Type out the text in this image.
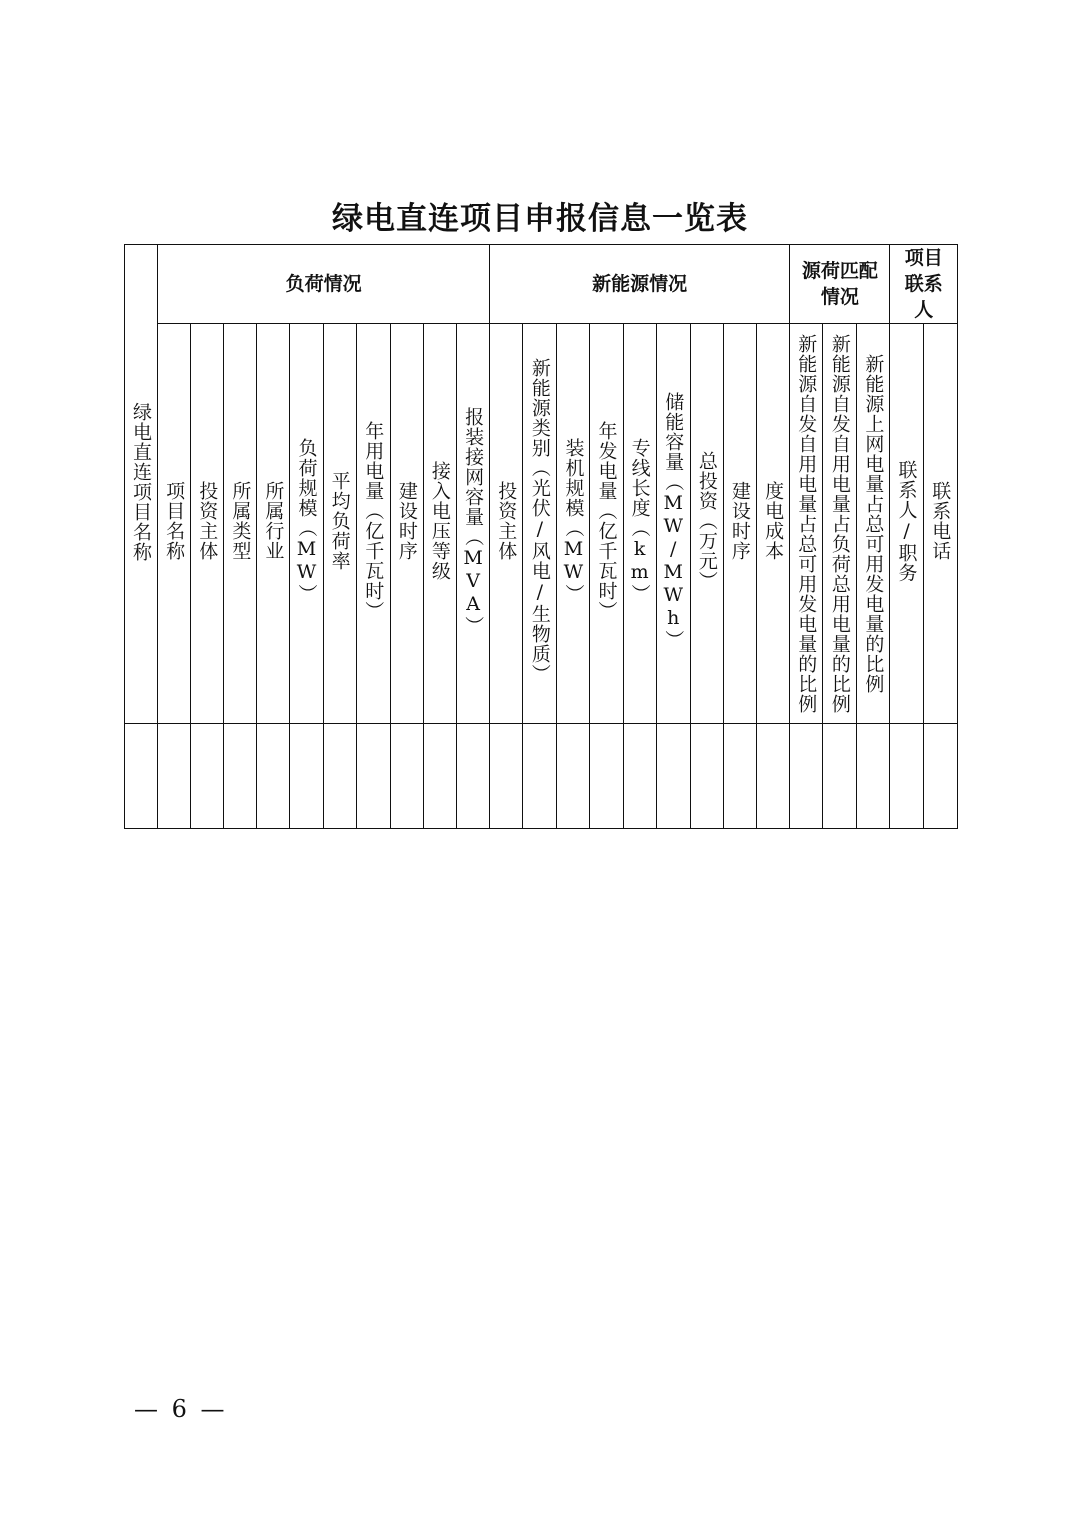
绿电直连项目申报信息一览表
绿电直连项目名称	负荷情况										新能源情况									源荷匹配情况			项目联系人	
	项目名称	投资主体	所属类型	所属行业	负荷规模（MW）	平均负荷率	年用电量（亿千瓦时）	建设时序	接入电压等级	报装接网容量（MVA）	投资主体	新能源类别（光伏/风电/生物质）	装机规模（MW）	年发电量（亿千瓦时）	专线长度（km）	储能容量（MW/MWh）	总投资（万元）	建设时序	度电成本	新能源自发自用电量占总可用发电量的比例	新能源自发自用电量占负荷总用电量的比例	新能源上网电量占总可用发电量的比例	联系人/职务	联系电话

— 6 —
